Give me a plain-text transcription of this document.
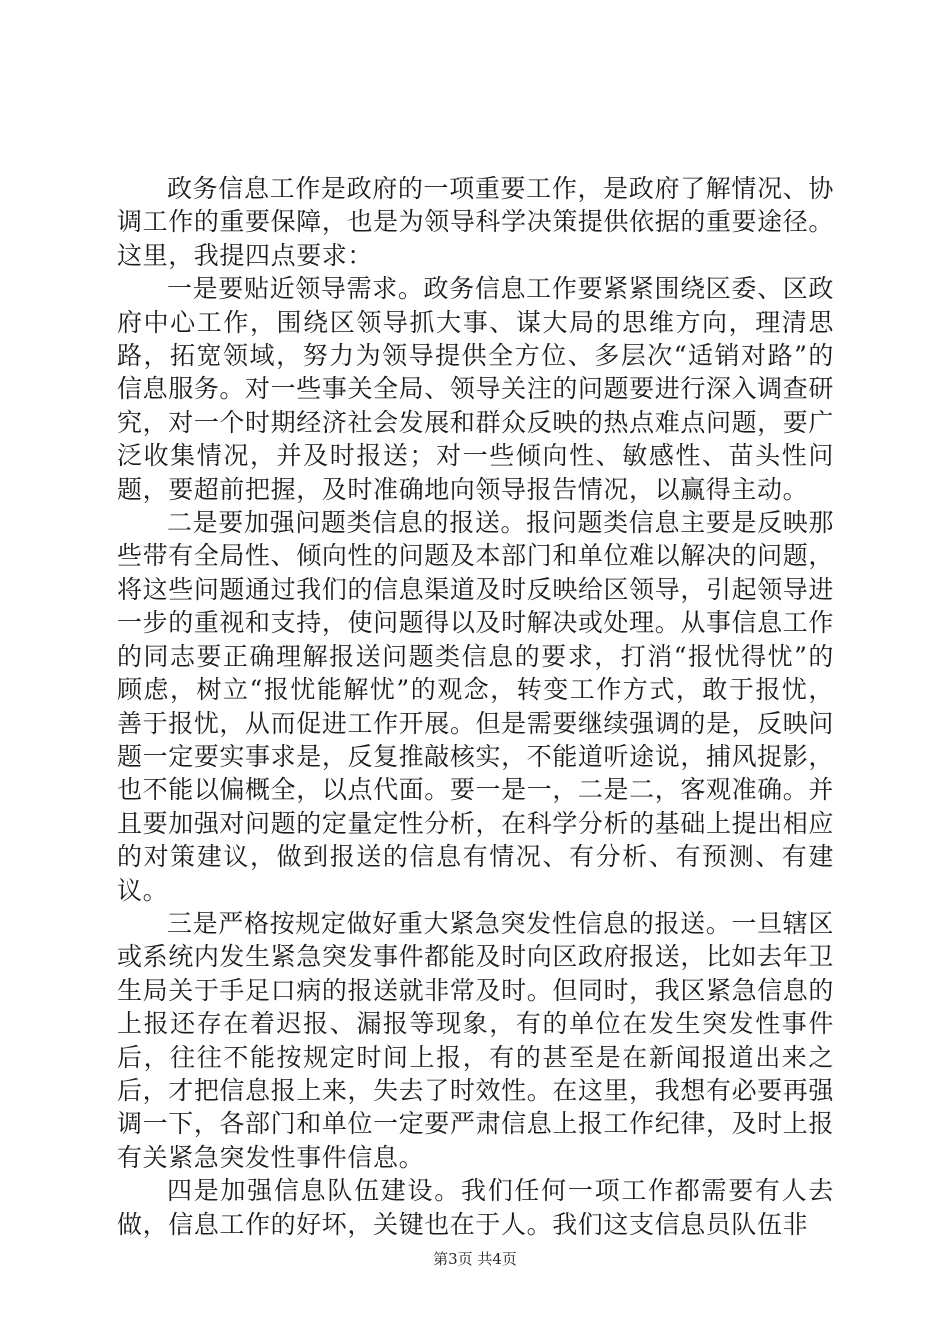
政务信息工作是政府的一项重要工作，是政府了解情况、协调工作的重要保障，也是为领导科学决策提供依据的重要途径。这里，我提四点要求：

一是要贴近领导需求。政务信息工作要紧紧围绕区委、区政府中心工作，围绕区领导抓大事、谋大局的思维方向，理清思路，拓宽领域，努力为领导提供全方位、多层次“适销对路”的信息服务。对一些事关全局、领导关注的问题要进行深入调查研究，对一个时期经济社会发展和群众反映的热点难点问题，要广泛收集情况，并及时报送；对一些倾向性、敏感性、苗头性问题，要超前把握，及时准确地向领导报告情况，以赢得主动。

二是要加强问题类信息的报送。报问题类信息主要是反映那些带有全局性、倾向性的问题及本部门和单位难以解决的问题，将这些问题通过我们的信息渠道及时反映给区领导，引起领导进一步的重视和支持，使问题得以及时解决或处理。从事信息工作的同志要正确理解报送问题类信息的要求，打消“报忧得忧”的顾虑，树立“报忧能解忧”的观念，转变工作方式，敢于报忧，善于报忧，从而促进工作开展。但是需要继续强调的是，反映问题一定要实事求是，反复推敲核实，不能道听途说，捕风捉影，也不能以偏概全，以点代面。要一是一，二是二，客观准确。并且要加强对问题的定量定性分析，在科学分析的基础上提出相应的对策建议，做到报送的信息有情况、有分析、有预测、有建议。

三是严格按规定做好重大紧急突发性信息的报送。一旦辖区或系统内发生紧急突发事件都能及时向区政府报送，比如去年卫生局关于手足口病的报送就非常及时。但同时，我区紧急信息的上报还存在着迟报、漏报等现象，有的单位在发生突发性事件后，往往不能按规定时间上报，有的甚至是在新闻报道出来之后，才把信息报上来，失去了时效性。在这里，我想有必要再强调一下，各部门和单位一定要严肃信息上报工作纪律，及时上报有关紧急突发性事件信息。

四是加强信息队伍建设。我们任何一项工作都需要有人去做，信息工作的好坏，关键也在于人。我们这支信息员队伍非

第3页 共4页
